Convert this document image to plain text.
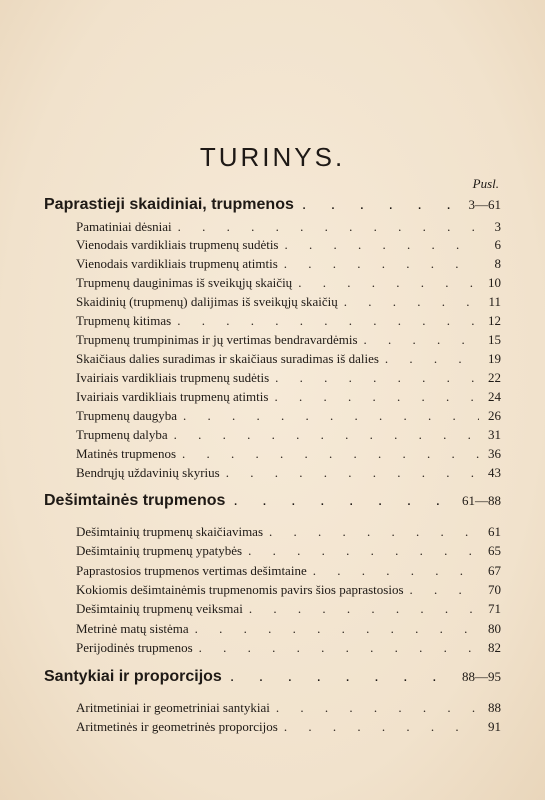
TURINYS.
Pusl.
Paprastieji skaidiniai, trupmenos . . .	3—61
Pamatiniai dėsniai . . .	3
Vienodais vardikliais trupmenų sudėtis . . .	6
Vienodais vardikliais trupmenų atimtis . . .	8
Trupmenų dauginimas iš sveikųjų skaičių . . .	10
Skaidinių (trupmenų) dalijimas iš sveikųjų skaičių . . .	11
Trupmenų kitimas . . .	12
Trupmenų trumpinimas ir jų vertimas bendravardėmis . . .	15
Skaičiaus dalies suradimas ir skaičiaus suradimas iš dalies . . .	19
Ivairiais vardikliais trupmenų sudėtis . . .	22
Ivairiais vardikliais trupmenų atimtis . . .	24
Trupmenų daugyba . . .	26
Trupmenų dalyba . . .	31
Matinės trupmenos . . .	36
Bendrųjų uždavinių skyrius . . .	43
Dešimtainės trupmenos . . .	61—88
Dešimtainių trupmenų skaičiavimas . . .	61
Dešimtainių trupmenų ypatybės . . .	65
Paprastosios trupmenos vertimas dešimtaine . . .	67
Kokiomis dešimtainėmis trupmenomis pavirs šios paprastosios . . .	70
Dešimtainių trupmenų veiksmai . . .	71
Metrinė matų sistėma . . .	80
Perijodinės trupmenos . . .	82
Santykiai ir proporcijos . . .	88—95
Aritmetiniai ir geometriniai santykiai . . .	88
Aritmetinės ir geometrinės proporcijos . . .	91
